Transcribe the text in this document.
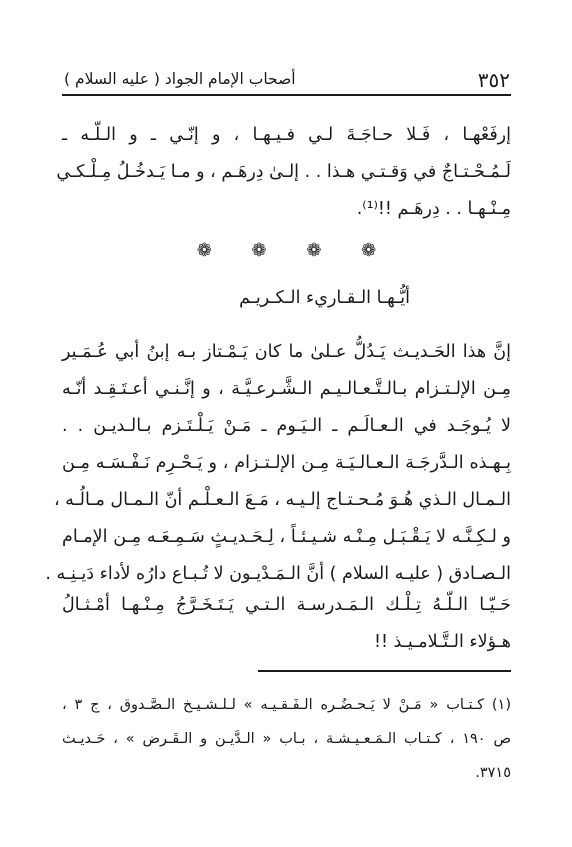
٣٥٢
أصحاب الإمام الجواد ( عليه السلام )
إرفَعْهـا ، فَـلا حـاجَـةَ لـي فـيـهـا ، و إنّـي ـ و الـلّـه ـ
لَـمُـحْـتـاجٌ في وَقـتـي هـذا . . إلـىٰ دِرهَـم ، و مـا يَـدخُـلُ مِـلْـكـي
مِـنْـهـا . . دِرهَـم !!⁽¹⁾.
❁ ❁ ❁ ❁
أيُّـهـا الـقـاريء الـكـريـم
إنَّ هذا الحَـديـث يَـدُلُّ عـلىٰ ما كان يَـمْـتاز بـه إبنُ أبي عُـمَـير
مِـن الإلـتـزام بـالـتَّـعـالـيـم الـشَّـرعـيَّـة ، و إنَّـنـي أعـتَـقِـد أنّـه
لا يُـوجَـد في الـعـالَـم ـ الـيَـوم ـ مَـنْ يَـلْـتَـزم بـالـديـن . .
بِـهـذه الـدَّرجَـة الـعـالـيَـة مِـن الإلـتـزام ، و يَـحْـرِم نَـفْـسَـه مِـن
الـمـال الـذي هُـوَ مُـحـتـاج إلـيـه ، مَـعَ الـعـلْـم أنّ الـمـال مـالُـه ،
و لـكِـنَّـه لا يَـقْـبَـل مِـنْـه شـيـئـاً ، لِـحَـديـثٍ سَـمِـعَـه مِـن الإمـام
الـصـادق ( عليـه السلام ) أنَّ الـمَـدْيـون لا تُـبـاع دارُه لأداء دَيـنِـه .
حَـيّـا الـلّـهُ تِـلْـك الـمَـدرسـة الـتـي يَـتَـخَـرَّجُ مِـنْـهـا أمْـثـالُ
هـؤلاء الـتَّـلامـيـذ !!
(١) كـتـاب « مَـنْ لا يَـحـضُـره الـفَـقـيـه » لـلـشـيـخ الـصَّـدوق ، ج ٣ ،
ص ١٩٠ ، كـتـاب الـمَـعـيـشـة ، بـاب « الـدَّيـن و الـقَـرض » ، حَـديـث
٣٧١٥.
